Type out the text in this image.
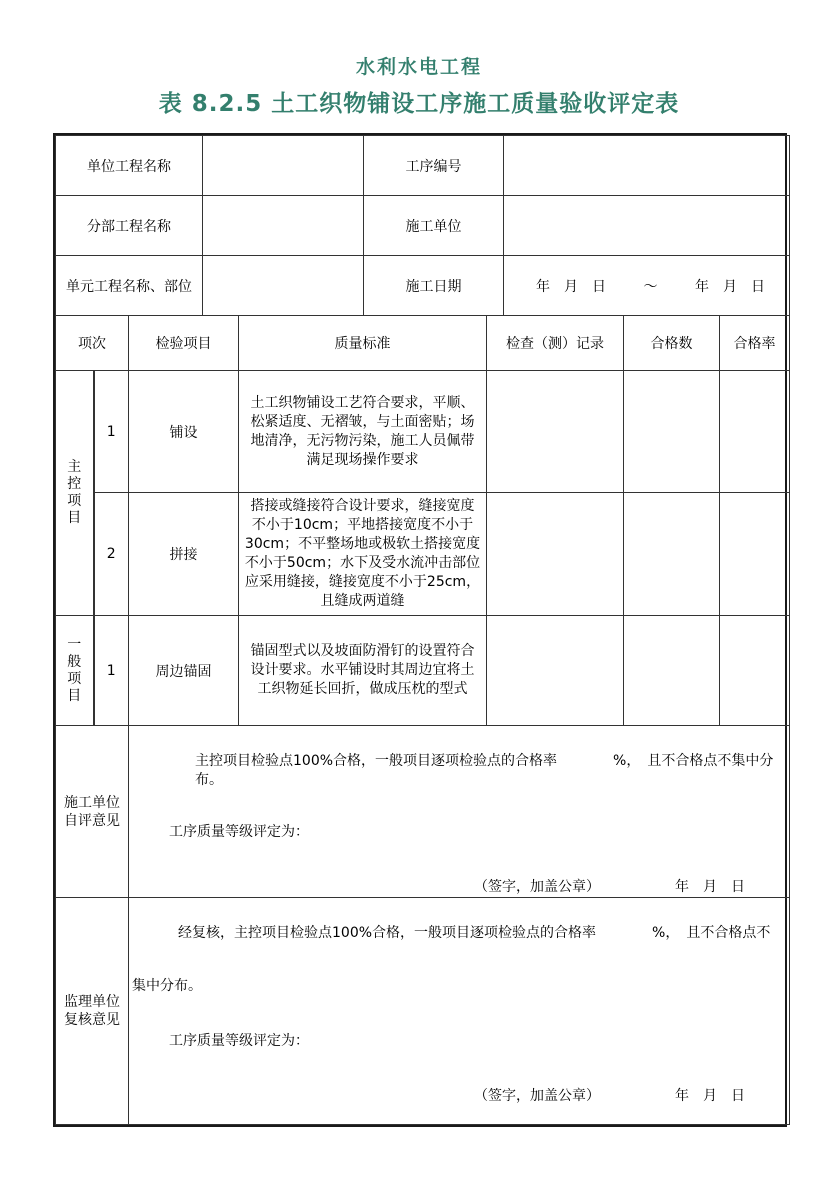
水利水电工程
表 8.2.5 土工织物铺设工序施工质量验收评定表
单位工程名称		工序编号	
分部工程名称		施工单位	
单元工程名称、部位		施工日期	年　月　日 ～ 年　月　日
项次		检验项目	质量标准	检查（测）记录	合格数	合格率

主控项目	1	铺设	土工织物铺设工艺符合要求，平顺、松紧适度、无褶皱，与土面密贴；场地清净，无污物污染，施工人员佩带满足现场操作要求			

	2	拼接	搭接或缝接符合设计要求，缝接宽度不小于10cm；平地搭接宽度不小于30cm；不平整场地或极软土搭接宽度不小于50cm；水下及受水流冲击部位应采用缝接，缝接宽度不小于25cm，且缝成两道缝			

一般项目	1	周边锚固	锚固型式以及坡面防滑钉的设置符合设计要求。水平铺设时其周边宜将土工织物延长回折，做成压枕的型式			

施工单位自评意见	主控项目检验点100%合格，一般项目逐项检验点的合格率　　　　%，　且不合格点不集中分布。
工序质量等级评定为：
（签字，加盖公章） 年　月　日

监理单位复核意见	经复核，主控项目检验点100%合格，一般项目逐项检验点的合格率　　　　%，　且不合格点不
集中分布。
工序质量等级评定为：
（签字，加盖公章） 年　月　日
